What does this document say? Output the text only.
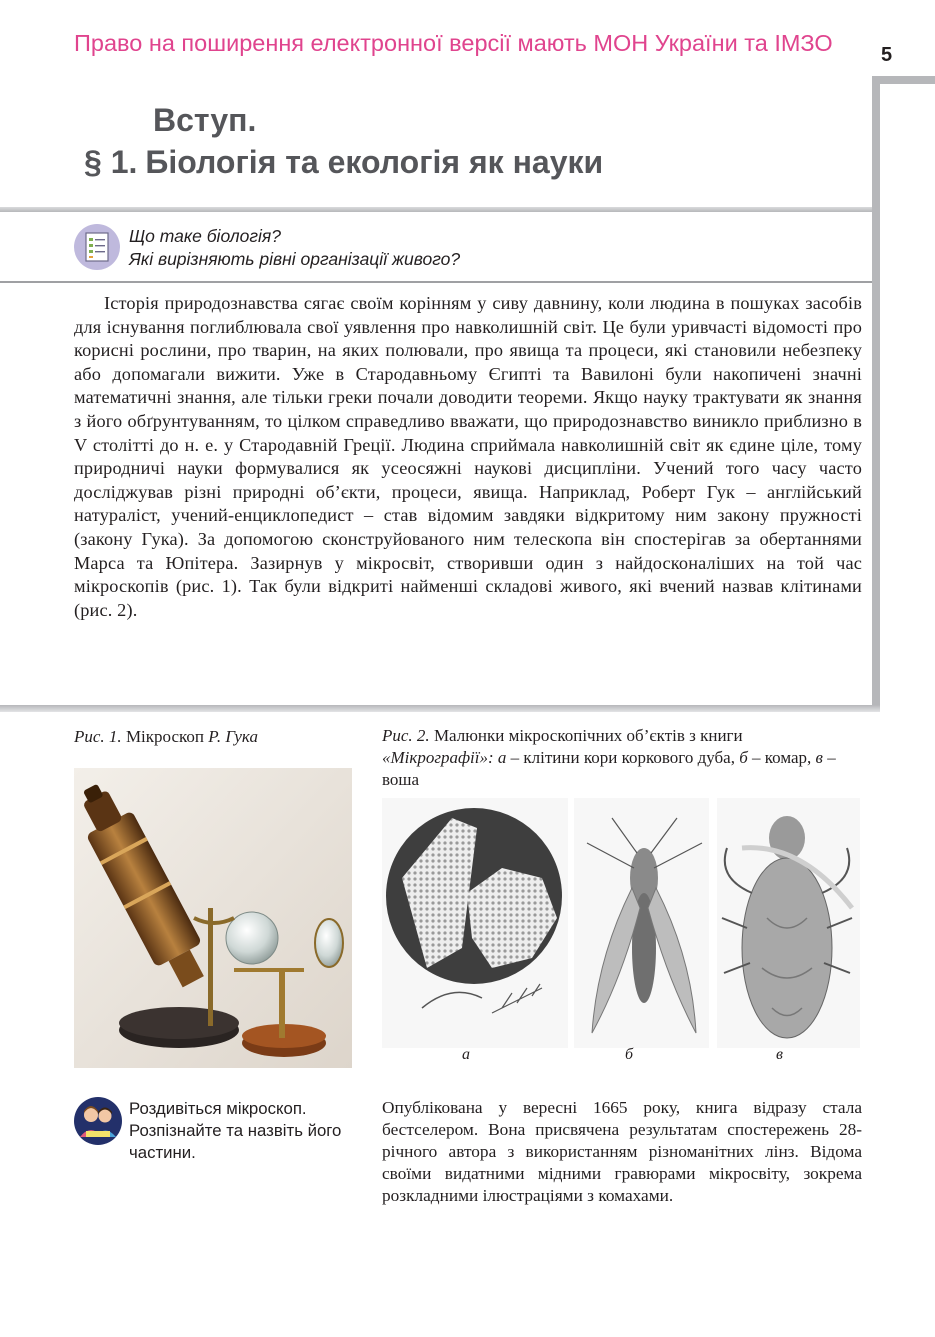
Право на поширення електронної версії мають МОН України та ІМЗО	5
Вступ.
§ 1. Біологія та екологія як науки
Що таке біологія?
Які вирізняють рівні організації живого?

Історія природознавства сягає своїм корінням у сиву давнину, коли людина в пошуках засобів для існування поглиблювала свої уявлення про навколишній світ. Це були уривчасті відомості про корисні рослини, про тварин, на яких полювали, про явища та процеси, які становили небезпеку або допомагали вижити. Уже в Стародавньому Єгипті та Вавилоні були накопичені значні математичні знання, але тільки греки почали доводити теореми. Якщо науку трактувати як знання з його обґрунтуванням, то цілком справедливо вважати, що природознавство виникло приблизно в V столітті до н. е. у Стародавній Греції. Людина сприймала навколишній світ як єдине ціле, тому природничі науки формувалися як усеосяжні наукові дисципліни. Учений того часу часто досліджував різні природні об’єкти, процеси, явища. Наприклад, Роберт Гук – англійський натураліст, учений-енциклопедист – став відомим завдяки відкритому ним закону пружності (закону Гука). За допомогою сконструйованого ним телескопа він спостерігав за обертаннями Марса та Юпітера. Зазирнув у мікросвіт, створивши один з найдосконаліших на той час мікроскопів (рис. 1). Так були відкриті найменші складові живого, які вчений назвав клітинами (рис. 2).

Рис. 1. Мікроскоп Р. Гука	Рис. 2. Малюнки мікроскопічних об’єктів з книги «Мікрографії»: а – клітини кори коркового дуба, б – комар, в – воша
а	б	в
Роздивіться мікроскоп. Розпізнайте та назвіть його частини.

Опублікована у вересні 1665 року, книга відразу стала бестселером. Вона присвячена результатам спостережень 28-річного автора з використанням різноманітних лінз. Відома своїми видатними мідними гравюрами мікросвіту, зокрема розкладними ілюстраціями з комахами.
